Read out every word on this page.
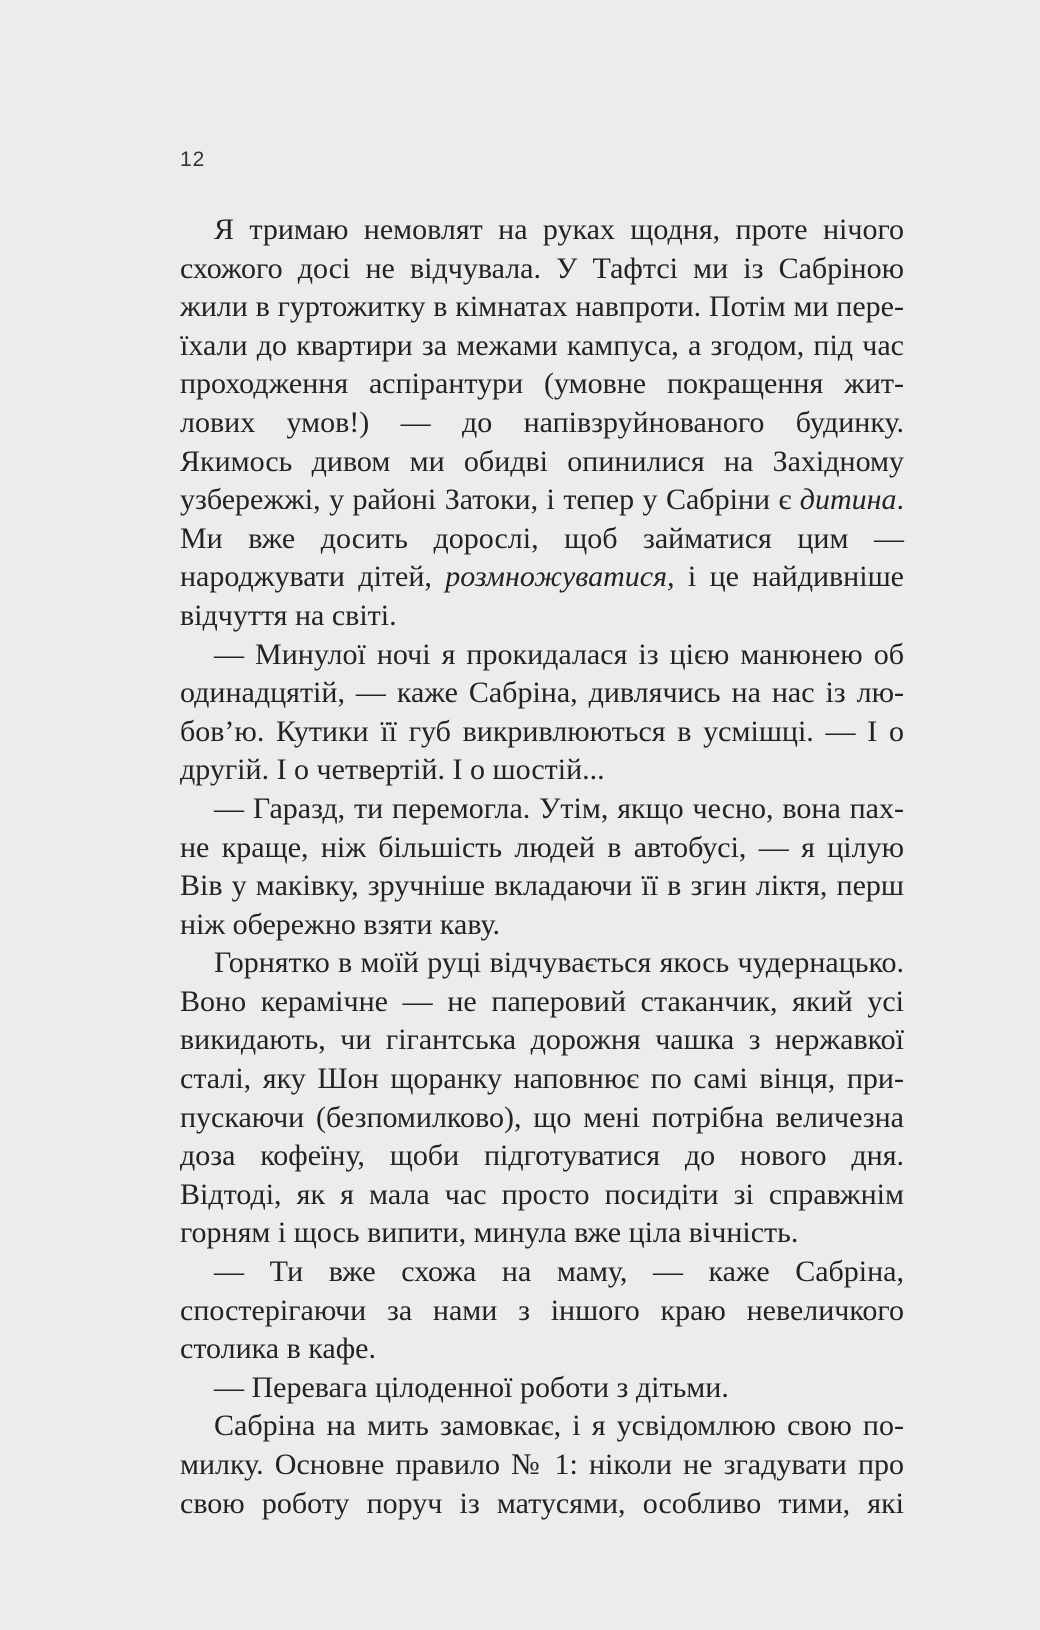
12

Я тримаю немовлят на руках щодня, проте нічого схожого досі не відчувала. У Тафтсі ми із Сабріною жили в гуртожитку в кімнатах навпроти. Потім ми переїхали до квартири за межами кампуса, а згодом, під час проходження аспірантури (умовне покращення житлових умов!) — до напівзруйнованого будинку. Якимось дивом ми обидві опинилися на Західному узбережжі, у районі Затоки, і тепер у Сабріни є дитина. Ми вже досить дорослі, щоб займатися цим — народжувати дітей, розмножуватися, і це найдивніше відчуття на світі.

— Минулої ночі я прокидалася із цією манюнею об одинадцятій, — каже Сабріна, дивлячись на нас із любов’ю. Кутики її губ викривлюються в усмішці. — І о другій. І о четвертій. І о шостій...

— Гаразд, ти перемогла. Утім, якщо чесно, вона пахне краще, ніж більшість людей в автобусі, — я цілую Вів у маківку, зручніше вкладаючи її в згин ліктя, перш ніж обережно взяти каву.

Горнятко в моїй руці відчувається якось чудернацько. Воно керамічне — не паперовий стаканчик, який усі викидають, чи гігантська дорожня чашка з нержавкої сталі, яку Шон щоранку наповнює по самі вінця, припускаючи (безпомилково), що мені потрібна величезна доза кофеїну, щоби підготуватися до нового дня. Відтоді, як я мала час просто посидіти зі справжнім горням і щось випити, минула вже ціла вічність.

— Ти вже схожа на маму, — каже Сабріна, спостерігаючи за нами з іншого краю невеличкого столика в кафе.

— Перевага цілоденної роботи з дітьми.

Сабріна на мить замовкає, і я усвідомлюю свою помилку. Основне правило № 1: ніколи не згадувати про свою роботу поруч із матусями, особливо тими, які
